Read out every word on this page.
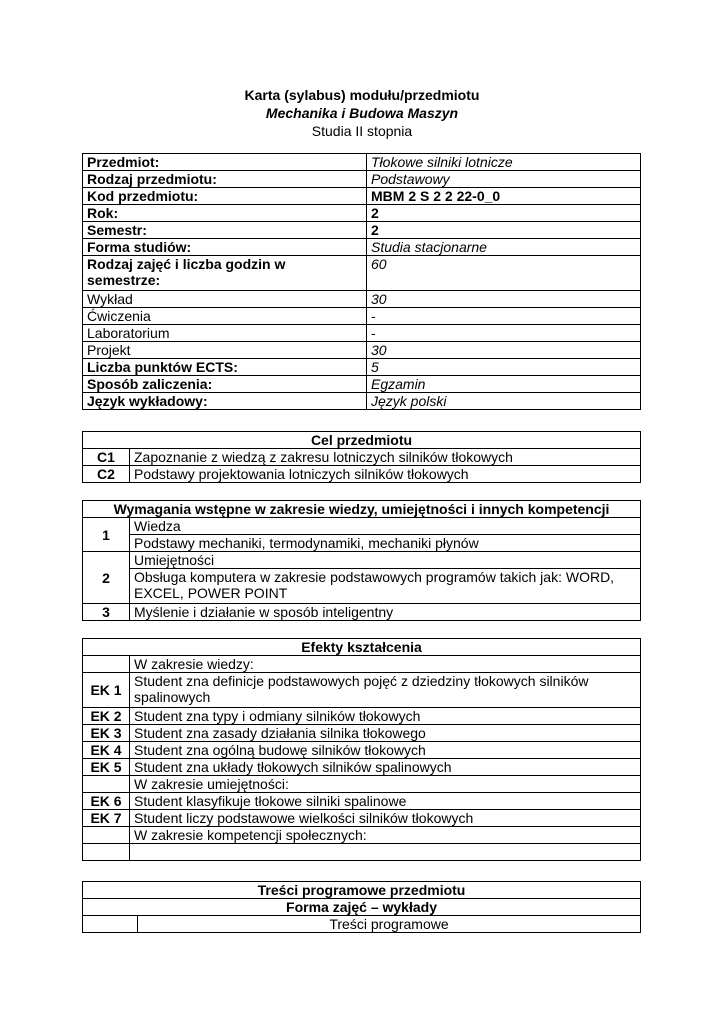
Karta (sylabus) modułu/przedmiotu
Mechanika i Budowa Maszyn
Studia II stopnia
Przedmiot:	Tłokowe silniki lotnicze
Rodzaj przedmiotu:	Podstawowy
Kod przedmiotu:	MBM 2 S 2 2 22-0_0
Rok:	2
Semestr:	2
Forma studiów:	Studia stacjonarne
Rodzaj zajęć i liczba godzin w semestrze:	60
Wykład	30
Ćwiczenia	-
Laboratorium	-
Projekt	30
Liczba punktów ECTS:	5
Sposób zaliczenia:	Egzamin
Język wykładowy:	Język polski
Cel przedmiotu	
C1	Zapoznanie z wiedzą z zakresu lotniczych silników tłokowych
C2	Podstawy projektowania lotniczych silników tłokowych
Wymagania wstępne w zakresie wiedzy, umiejętności i innych kompetencji	
1	Wiedza
	Podstawy mechaniki, termodynamiki, mechaniki płynów
2	Umiejętności
	Obsługa komputera w zakresie podstawowych programów takich jak: WORD, EXCEL, POWER POINT
3	Myślenie i działanie w sposób inteligentny
Efekty kształcenia	
	W zakresie wiedzy:
EK 1	Student zna definicje podstawowych pojęć z dziedziny tłokowych silników spalinowych
EK 2	Student zna typy i odmiany silników tłokowych
EK 3	Student zna zasady działania silnika tłokowego
EK 4	Student zna ogólną budowę silników tłokowych
EK 5	Student zna układy tłokowych silników spalinowych
	W zakresie umiejętności:
EK 6	Student klasyfikuje tłokowe silniki spalinowe
EK 7	Student liczy podstawowe wielkości silników tłokowych
	W zakresie kompetencji społecznych:

Treści programowe przedmiotu
Forma zajęć – wykłady
	Treści programowe
